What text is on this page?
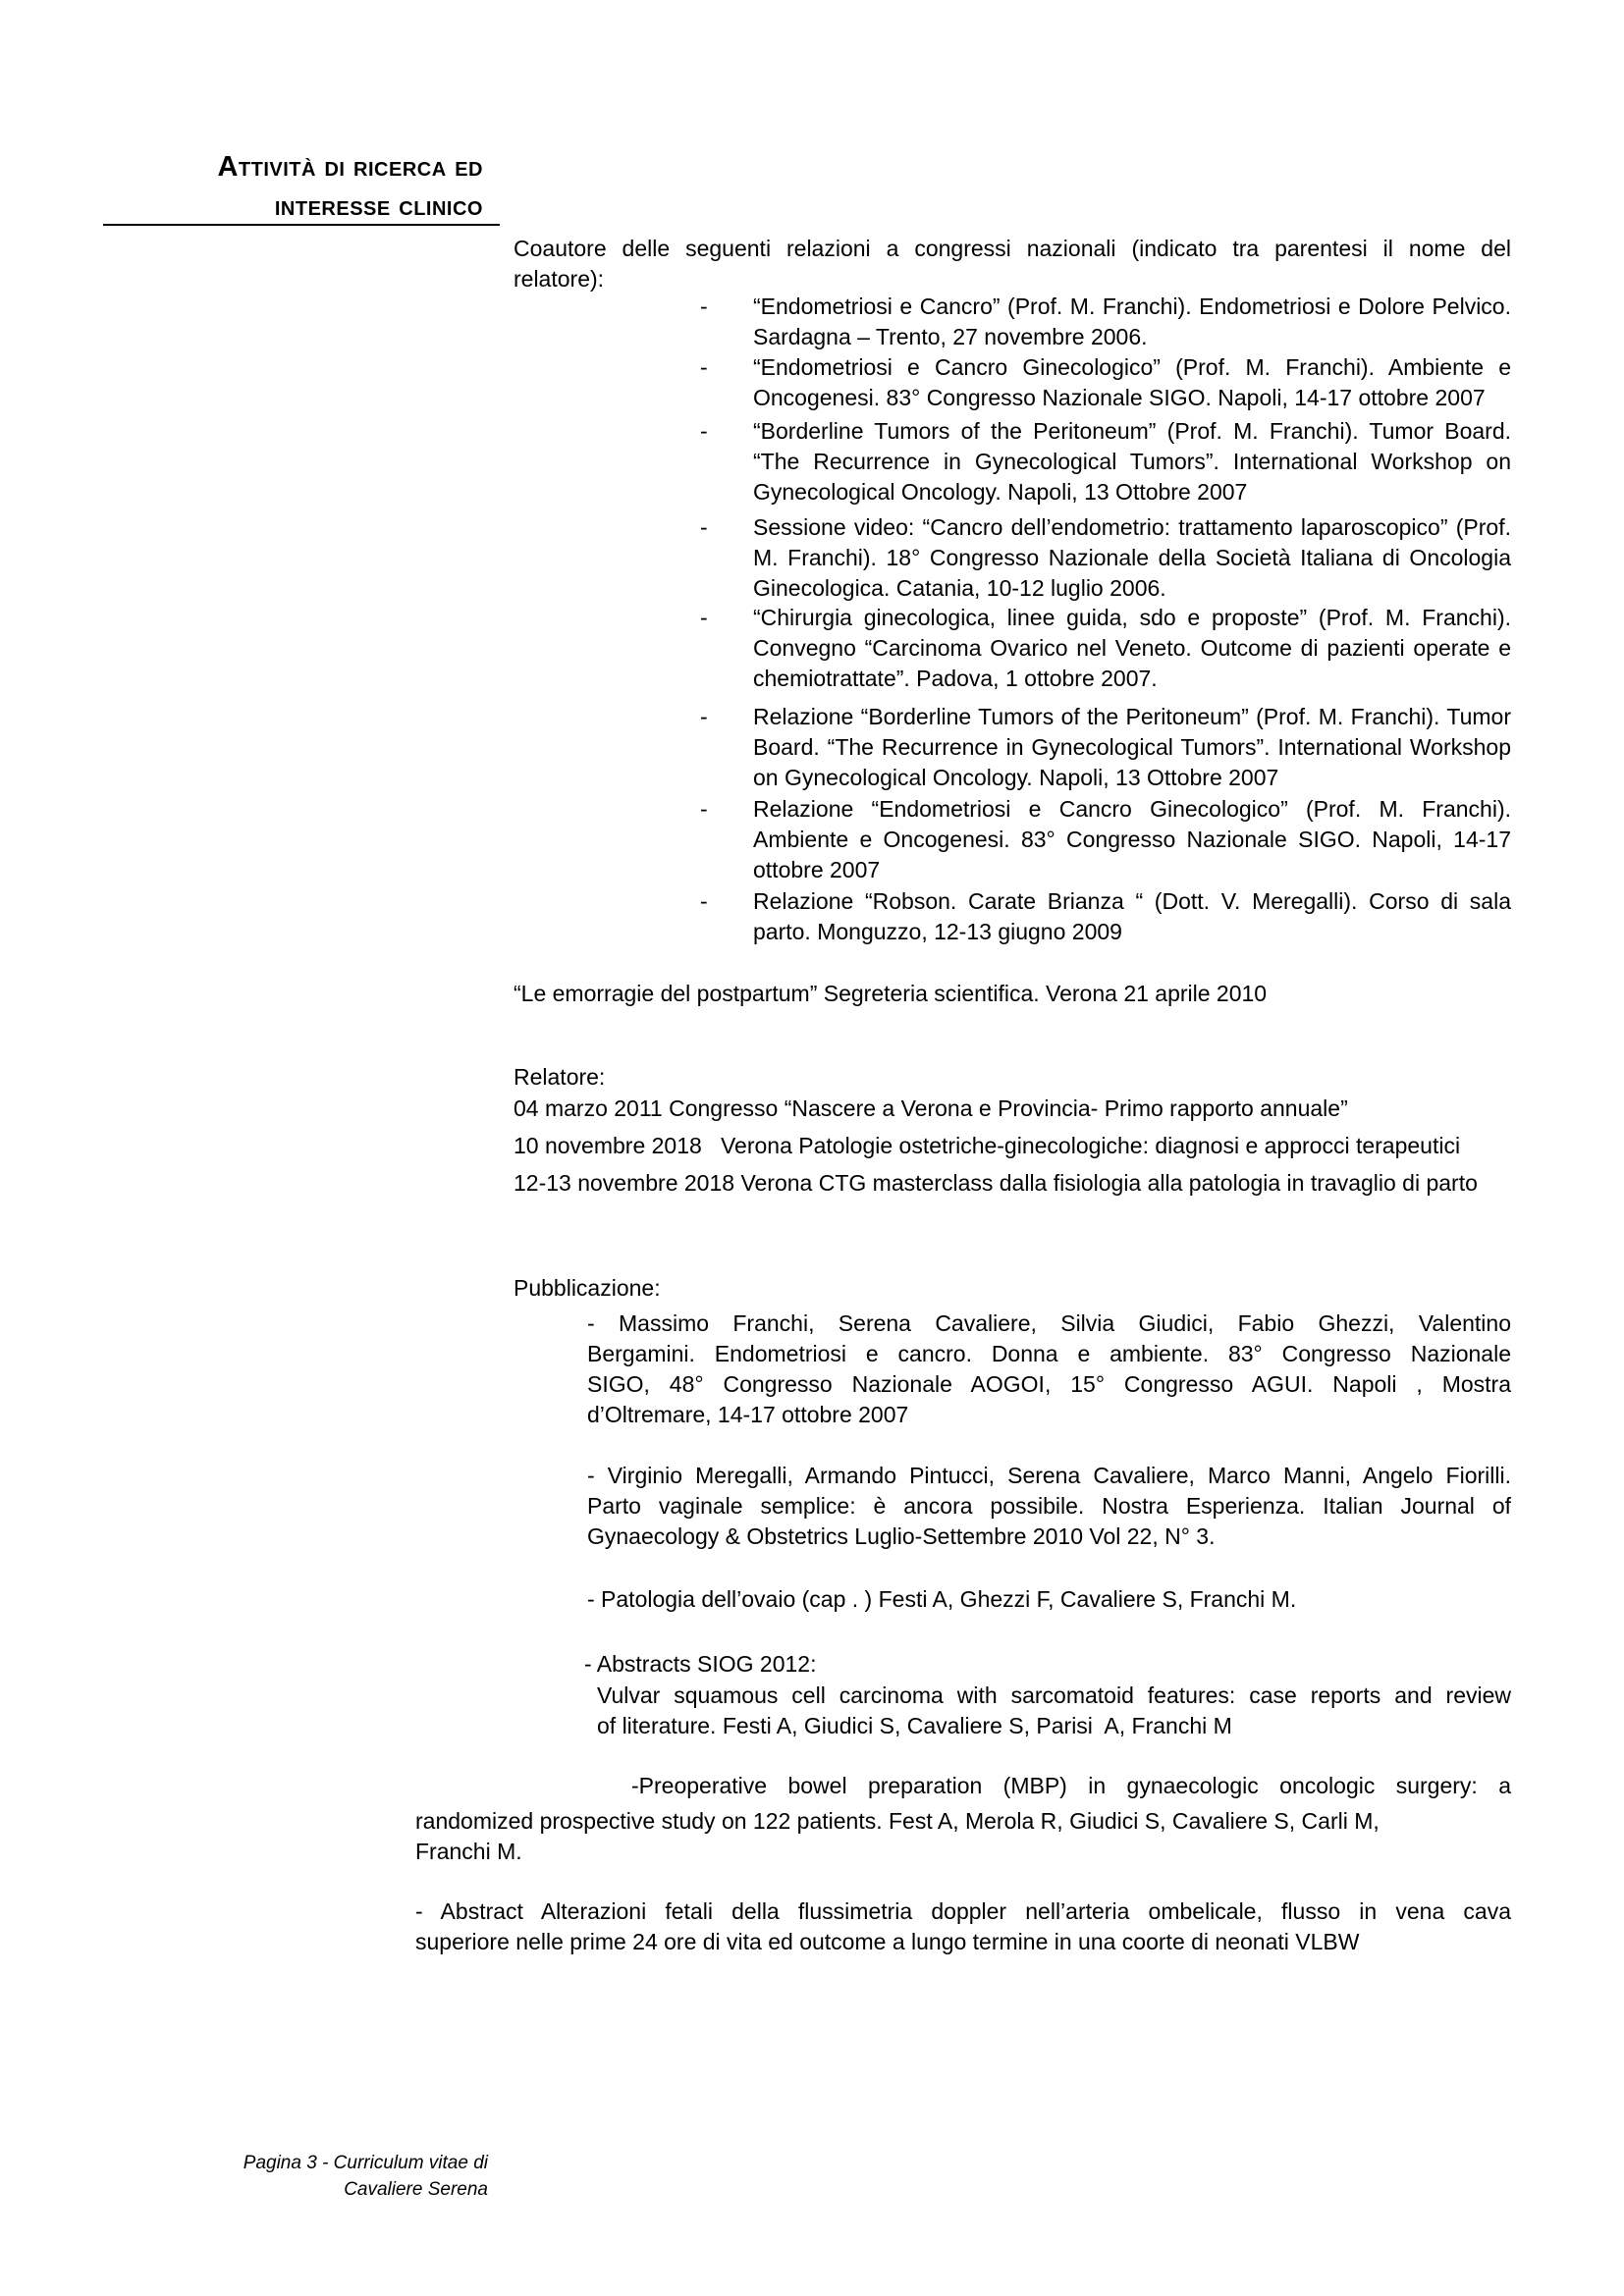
Attività di ricerca ed
interesse clinico
Coautore delle seguenti relazioni a congressi nazionali (indicato tra parentesi il nome del
relatore):
- “Endometriosi e Cancro” (Prof. M. Franchi). Endometriosi e Dolore Pelvico.
Sardagna – Trento, 27 novembre 2006.
- “Endometriosi e Cancro Ginecologico” (Prof. M. Franchi). Ambiente e
Oncogenesi. 83° Congresso Nazionale SIGO. Napoli, 14-17 ottobre 2007
- “Borderline Tumors of the Peritoneum” (Prof. M. Franchi). Tumor Board.
“The Recurrence in Gynecological Tumors”. International Workshop on
Gynecological Oncology. Napoli, 13 Ottobre 2007
- Sessione video: “Cancro dell’endometrio: trattamento laparoscopico” (Prof.
M. Franchi). 18° Congresso Nazionale della Società Italiana di Oncologia
Ginecologica. Catania, 10-12 luglio 2006.
- “Chirurgia ginecologica, linee guida, sdo e proposte” (Prof. M. Franchi).
Convegno “Carcinoma Ovarico nel Veneto. Outcome di pazienti operate e
chemiotrattate”. Padova, 1 ottobre 2007.
- Relazione “Borderline Tumors of the Peritoneum” (Prof. M. Franchi). Tumor
Board. “The Recurrence in Gynecological Tumors”. International Workshop
on Gynecological Oncology. Napoli, 13 Ottobre 2007
- Relazione “Endometriosi e Cancro Ginecologico” (Prof. M. Franchi).
Ambiente e Oncogenesi. 83° Congresso Nazionale SIGO. Napoli, 14-17
ottobre 2007
- Relazione “Robson. Carate Brianza “ (Dott. V. Meregalli). Corso di sala
parto. Monguzzo, 12-13 giugno 2009
“Le emorragie del postpartum” Segreteria scientifica. Verona 21 aprile 2010
Relatore:
04 marzo 2011 Congresso “Nascere a Verona e Provincia- Primo rapporto annuale”
10 novembre 2018   Verona Patologie ostetriche-ginecologiche: diagnosi e approcci terapeutici
12-13 novembre 2018 Verona CTG masterclass dalla fisiologia alla patologia in travaglio di parto
Pubblicazione:
- Massimo Franchi, Serena Cavaliere, Silvia Giudici, Fabio Ghezzi, Valentino
Bergamini. Endometriosi e cancro. Donna e ambiente. 83° Congresso Nazionale
SIGO, 48° Congresso Nazionale AOGOI, 15° Congresso AGUI. Napoli , Mostra
d’Oltremare, 14-17 ottobre 2007
- Virginio Meregalli, Armando Pintucci, Serena Cavaliere, Marco Manni, Angelo Fiorilli.
Parto vaginale semplice: è ancora possibile. Nostra Esperienza. Italian Journal of
Gynaecology & Obstetrics Luglio-Settembre 2010 Vol 22, N° 3.
- Patologia dell’ovaio (cap . ) Festi A, Ghezzi F, Cavaliere S, Franchi M.
- Abstracts SIOG 2012:
Vulvar squamous cell carcinoma with sarcomatoid features: case reports and review
of literature. Festi A, Giudici S, Cavaliere S, Parisi  A, Franchi M
-Preoperative bowel preparation (MBP) in gynaecologic oncologic surgery: a
randomized prospective study on 122 patients. Fest A, Merola R, Giudici S, Cavaliere S, Carli M,
Franchi M.
- Abstract Alterazioni fetali della flussimetria doppler nell’arteria ombelicale, flusso in vena cava
superiore nelle prime 24 ore di vita ed outcome a lungo termine in una coorte di neonati VLBW
Pagina 3 - Curriculum vitae di
Cavaliere Serena
